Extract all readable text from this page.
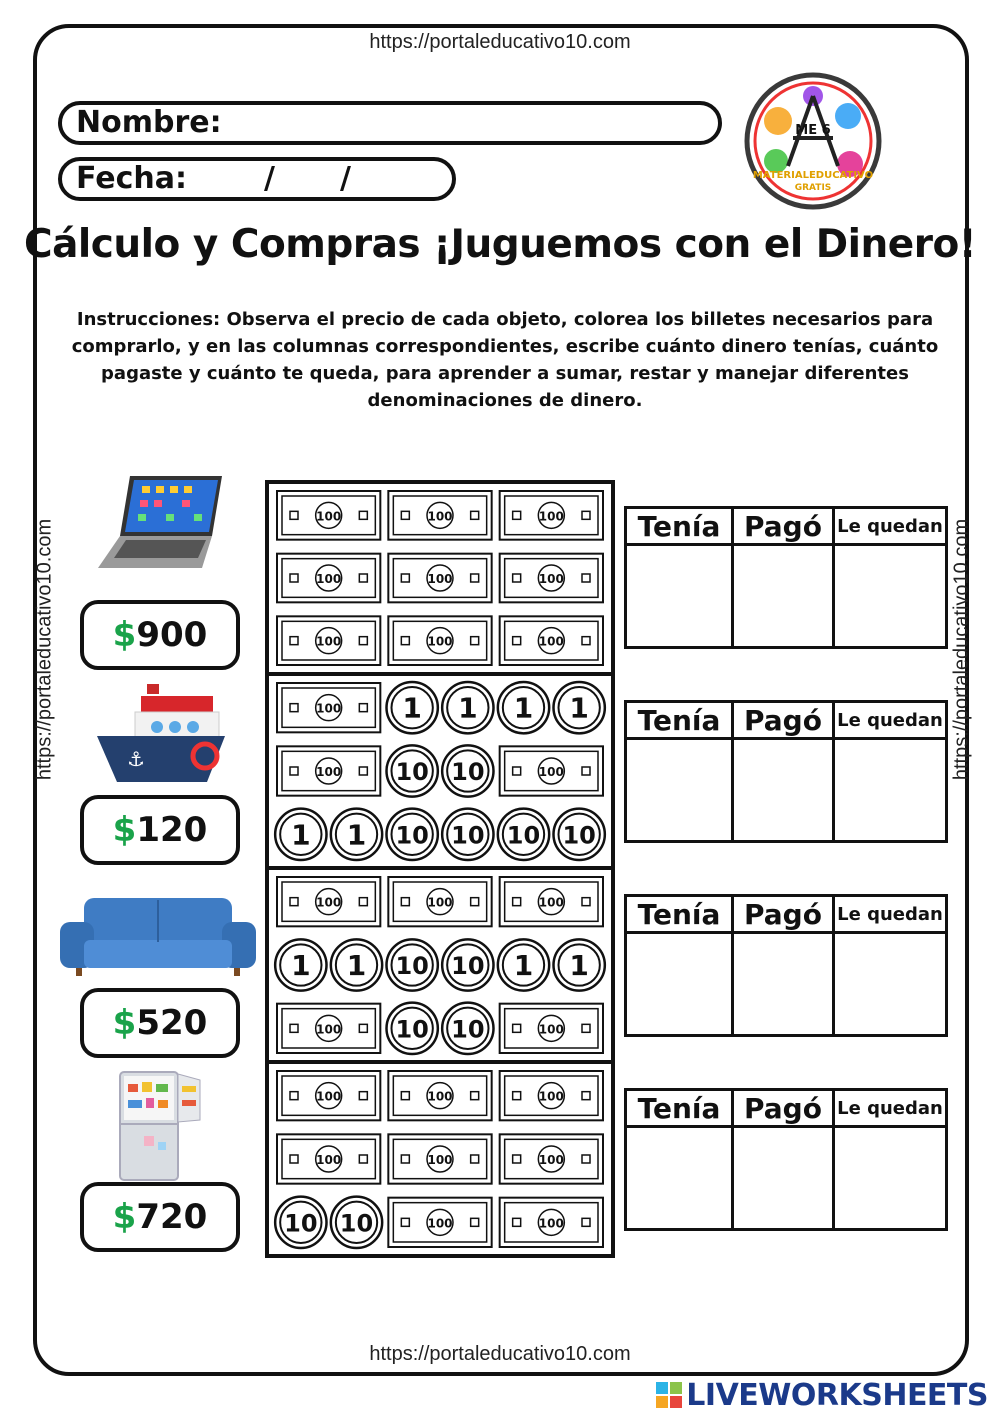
https://portaleducativo10.com
https://portaleducativo10.com
https://portaleducativo10.com	https://portaleducativo10.com
Nombre:
Fecha:	/ /
ME 6
MATERIALEDUCATIVO
GRATIS
Cálculo y Compras ¡Juguemos con el Dinero!
Instrucciones: Observa el precio de cada objeto, colorea los billetes necesarios para comprarlo, y en las columnas correspondientes, escribe cuánto dinero tenías, cuánto pagaste y cuánto te queda, para aprender a sumar, restar y manejar diferentes denominaciones de dinero.
⚓
$900
$120
$520
$720
100	100	100
100	100	100
100	100	100
100 1 1 1 1
100 10 10	100
1 1 10 10 10 10
100	100	100
1 1 10 10 1 1
100 10 10	100
100	100	100
100	100	100
10 10	100	100
Tenía	Pagó	Le quedan

Tenía	Pagó	Le quedan

Tenía	Pagó	Le quedan

Tenía	Pagó	Le quedan

LIVEWORKSHEETS
